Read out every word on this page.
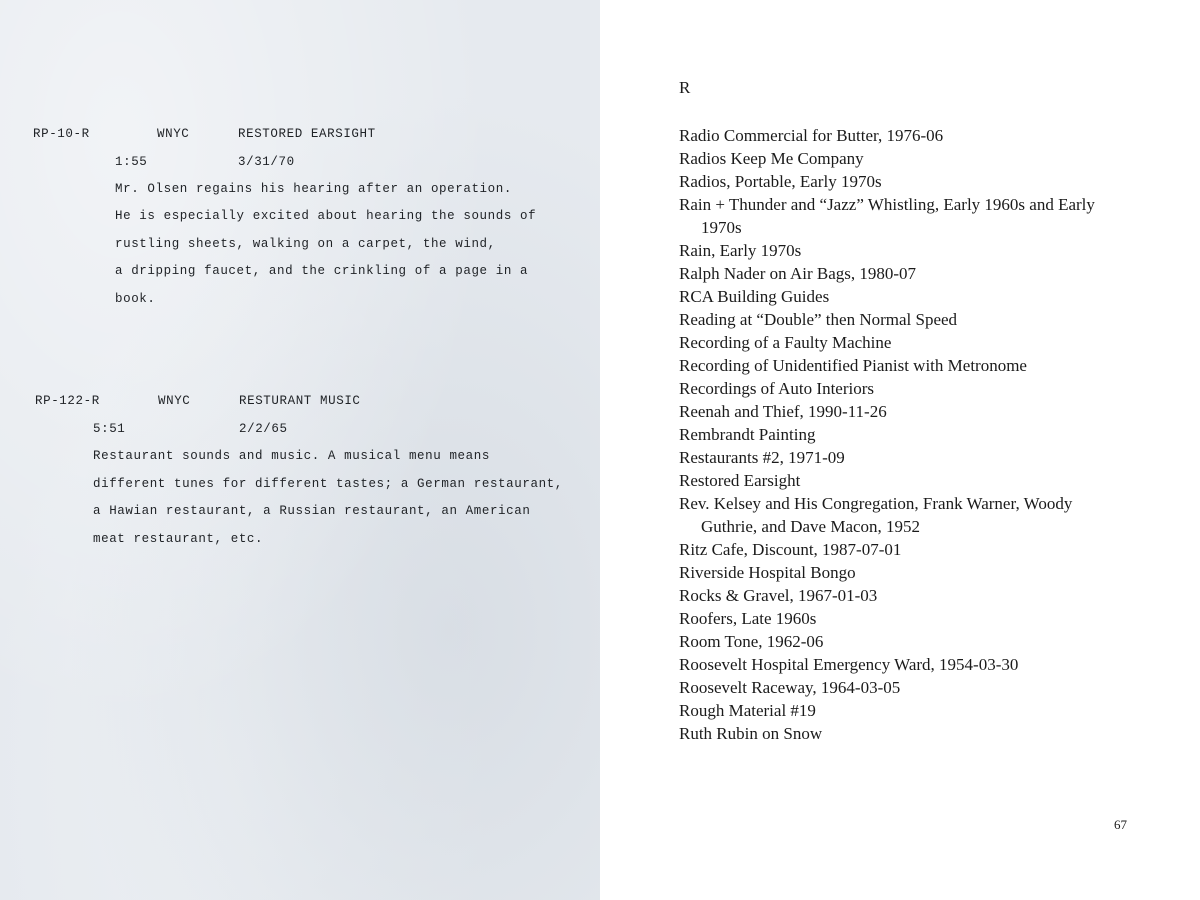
RP-10-R	WNYC	RESTORED EARSIGHT
1:55	3/31/70
Mr. Olsen regains his hearing after an operation.
He is especially excited about hearing the sounds of
rustling sheets, walking on a carpet, the wind,
a dripping faucet, and the crinkling of a page in a
book.
RP-122-R	WNYC	RESTURANT MUSIC
5:51	2/2/65
Restaurant sounds and music. A musical menu means
different tunes for different tastes; a German restaurant,
a Hawian restaurant, a Russian restaurant, an American
meat restaurant, etc.
R
Radio Commercial for Butter, 1976-06
Radios Keep Me Company
Radios, Portable, Early 1970s
Rain + Thunder and “Jazz” Whistling, Early 1960s and Early 1970s
Rain, Early 1970s
Ralph Nader on Air Bags, 1980-07
RCA Building Guides
Reading at “Double” then Normal Speed
Recording of a Faulty Machine
Recording of Unidentified Pianist with Metronome
Recordings of Auto Interiors
Reenah and Thief, 1990-11-26
Rembrandt Painting
Restaurants #2, 1971-09
Restored Earsight
Rev. Kelsey and His Congregation, Frank Warner, Woody Guthrie, and Dave Macon, 1952
Ritz Cafe, Discount, 1987-07-01
Riverside Hospital Bongo
Rocks & Gravel, 1967-01-03
Roofers, Late 1960s
Room Tone, 1962-06
Roosevelt Hospital Emergency Ward, 1954-03-30
Roosevelt Raceway, 1964-03-05
Rough Material #19
Ruth Rubin on Snow
67
